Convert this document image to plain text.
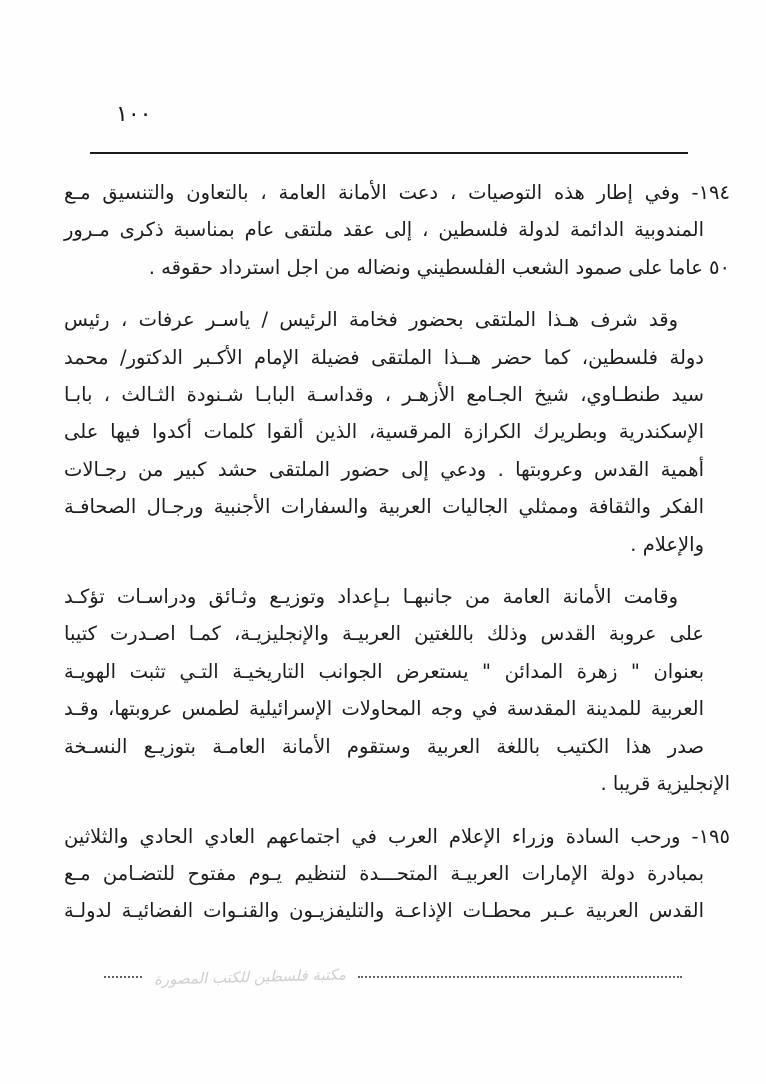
١٠٠

١٩٤- وفي إطار هذه التوصيات ، دعت الأمانة العامة ، بالتعاون والتنسيق مـع
المندوبية الدائمة لدولة فلسطين ، إلى عقد ملتقى عام بمناسبة ذكرى مـرور
٥٠ عاما على صمود الشعب الفلسطيني ونضاله من اجل استرداد حقوقه .

وقد شرف هـذا الملتقى بحضور فخامة الرئيس / ياسـر عرفات ، رئيس
دولة فلسطين، كما حضر هــذا الملتقى فضيلة الإمام الأكـبر الدكتور/ محمد
سيد طنطـاوي، شيخ الجـامع الأزهـر ، وقداسـة البابـا شـنودة الثـالث ، بابـا
الإسكندرية وبطريرك الكرازة المرقسية، الذين ألقوا كلمات أكدوا فيها على
أهمية القدس وعروبتها . ودعي إلى حضور الملتقى حشد كبير من رجـالات
الفكر والثقافة وممثلي الجاليات العربية والسفارات الأجنبية ورجـال الصحافـة
والإعلام .

وقامت الأمانة العامة من جانبهـا بـإعداد وتوزيـع وثـائق ودراسـات تؤكـد
على عروبة القدس وذلك باللغتين العربيـة والإنجليزيـة، كمـا اصـدرت كتيبا
بعنوان " زهرة المدائن " يستعرض الجوانب التاريخيـة التـي تثبت الهويـة
العربية للمدينة المقدسة في وجه المحاولات الإسرائيلية لطمس عروبتها، وقـد
صدر هذا الكتيب باللغة العربية وستقوم الأمانة العامـة بتوزيـع النسـخة
الإنجليزية قريبا .

١٩٥- ورحب السادة وزراء الإعلام العرب في اجتماعهم العادي الحادي والثلاثين
بمبادرة دولة الإمارات العربيـة المتحـــدة لتنظيم يـوم مفتوح للتضـامن مـع
القدس العربية عـبر محطـات الإذاعـة والتليفزيـون والقنـوات الفضائيـة لدولـة

مكتبة فلسطين للكتب المصورة
